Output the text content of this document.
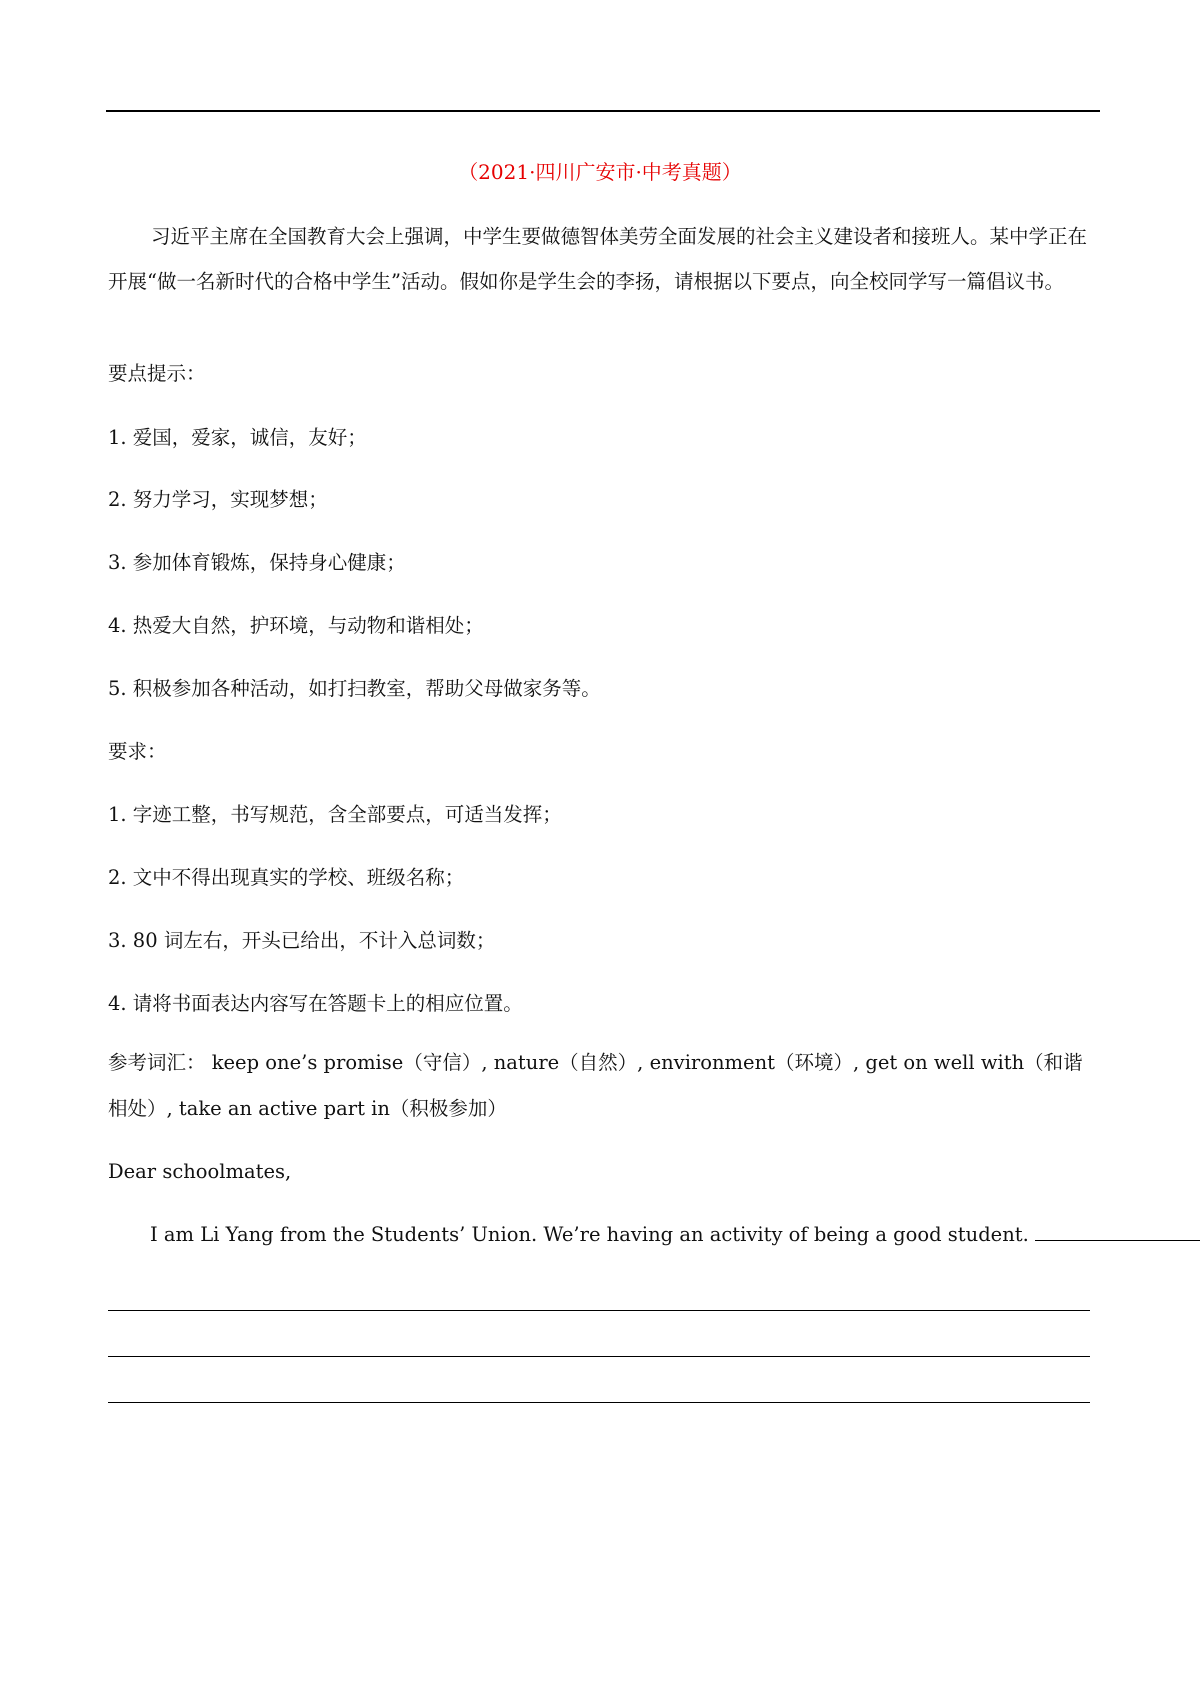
（2021·四川广安市·中考真题）
习近平主席在全国教育大会上强调，中学生要做德智体美劳全面发展的社会主义建设者和接班人。某中学正在开展“做一名新时代的合格中学生”活动。假如你是学生会的李扬，请根据以下要点，向全校同学写一篇倡议书。
要点提示：
1. 爱国，爱家，诚信，友好；
2. 努力学习，实现梦想；
3. 参加体育锻炼，保持身心健康；
4. 热爱大自然，护环境，与动物和谐相处；
5. 积极参加各种活动，如打扫教室，帮助父母做家务等。
要求：
1. 字迹工整，书写规范，含全部要点，可适当发挥；
2. 文中不得出现真实的学校、班级名称；
3. 80 词左右，开头已给出，不计入总词数；
4. 请将书面表达内容写在答题卡上的相应位置。
参考词汇： keep one’s promise（守信）, nature（自然）, environment（环境）, get on well with（和谐相处）, take an active part in（积极参加）
Dear schoolmates,
I am Li Yang from the Students’ Union. We’re having an activity of being a good student.
